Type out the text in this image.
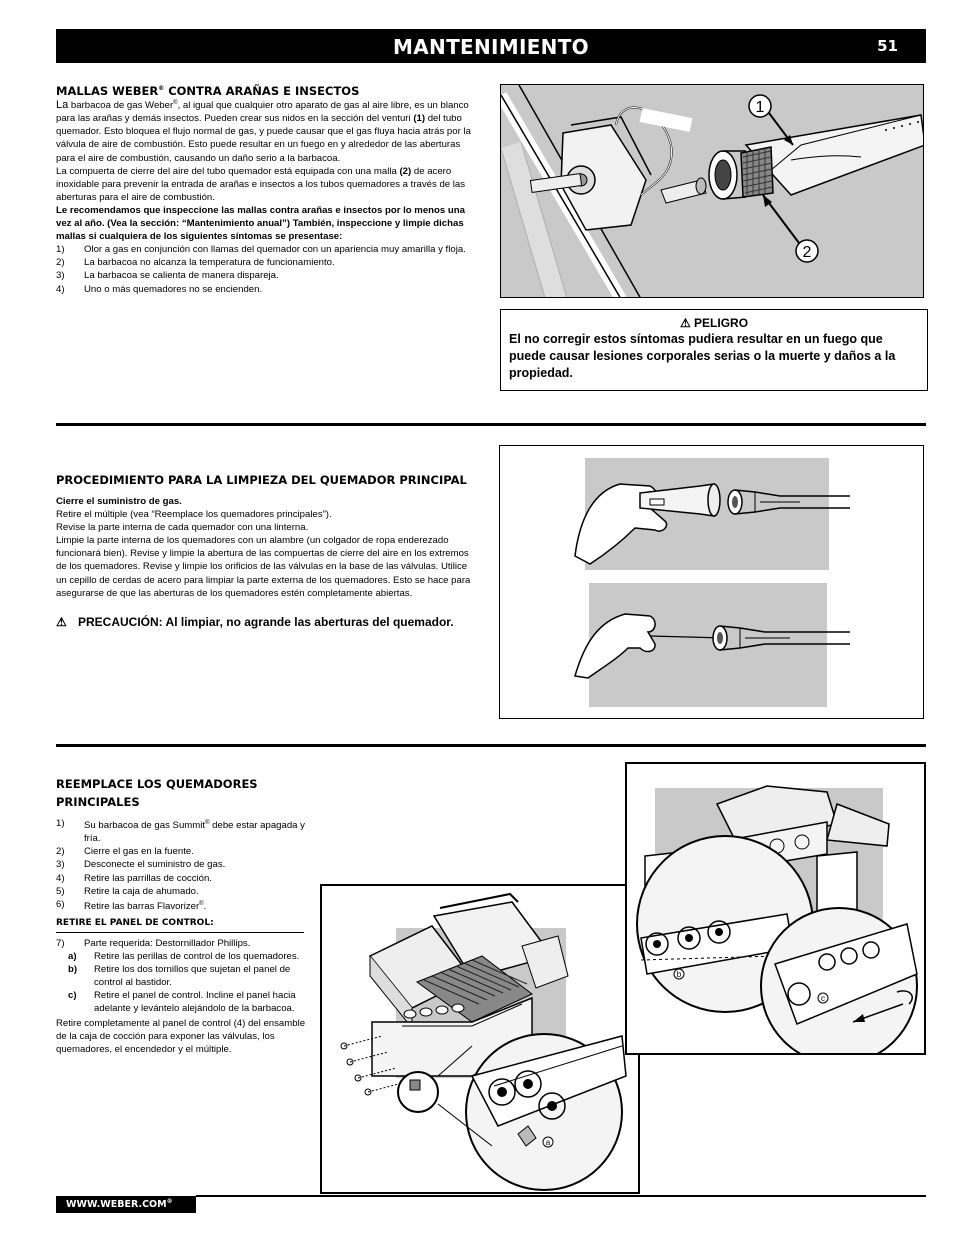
MANTENIMIENTO	51
MALLAS WEBER® CONTRA ARAÑAS E INSECTOS

La barbacoa de gas Weber®, al igual que cualquier otro aparato de gas al aire libre, es un blanco para las arañas y demás insectos. Pueden crear sus nidos en la sección del venturi (1) del tubo quemador. Esto bloquea el flujo normal de gas, y puede causar que el gas fluya hacia atrás por la válvula de aire de combustión. Esto puede resultar en un fuego en y alrededor de las aberturas para el aire de combustión, causando un daño serio a la barbacoa.

La compuerta de cierre del aire del tubo quemador está equipada con una malla (2) de acero inoxidable para prevenir la entrada de arañas e insectos a los tubos quemadores a través de las aberturas para el aire de combustión.

Le recomendamos que inspeccione las mallas contra arañas e insectos por lo menos una vez al año. (Vea la sección: “Mantenimiento anual”) También, inspeccione y limpie dichas mallas si cualquiera de los siguientes síntomas se presentase:

1)	Olor a gas en conjunción con llamas del quemador con un apariencia muy amarilla y floja.
2)	La barbacoa no alcanza la temperatura de funcionamiento.
3)	La barbacoa se calienta de manera dispareja.
4)	Uno o más quemadores no se encienden.
1
2
⚠ PELIGRO
El no corregir estos síntomas pudiera resultar en un fuego que puede causar lesiones corporales serias o la muerte y daños a la propiedad.
PROCEDIMIENTO PARA LA LIMPIEZA DEL QUEMADOR PRINCIPAL

Cierre el suministro de gas.

Retire el múltiple (vea “Reemplace los quemadores principales”).

Revise la parte interna de cada quemador con una linterna.

Limpie la parte interna de los quemadores con un alambre (un colgador de ropa enderezado funcionará bien). Revise y limpie la abertura de las compuertas de cierre del aire en los extremos de los quemadores. Revise y limpie los orificios de las válvulas en la base de las válvulas. Utilice un cepillo de cerdas de acero para limpiar la parte externa de los quemadores. Esto se hace para asegurarse de que las aberturas de los quemadores estén completamente abiertas.

⚠ PRECAUCIÓN: Al limpiar, no agrande las aberturas del quemador.
REEMPLACE LOS QUEMADORES
PRINCIPALES
1)	Su barbacoa de gas Summit® debe estar apagada y fría.
2)	Cierre el gas en la fuente.
3)	Desconecte el suministro de gas.
4)	Retire las parrillas de cocción.
5)	Retire la caja de ahumado.
6)	Retire las barras Flavorizer®.
RETIRE EL PANEL DE CONTROL:
7)	Parte requerida: Destornillador Phillips.
a)	Retire las perillas de control de los quemadores.
b)	Retire los dos tornillos que sujetan el panel de control al bastidor.
c)	Retire el panel de control. Incline el panel hacia adelante y levántelo alejándolo de la barbacoa.

Retire completamente al panel de control (4) del ensamble de la caja de cocción para exponer las válvulas, los quemadores, el encendedor y el múltiple.

a
b
c
WWW.WEBER.COM®
